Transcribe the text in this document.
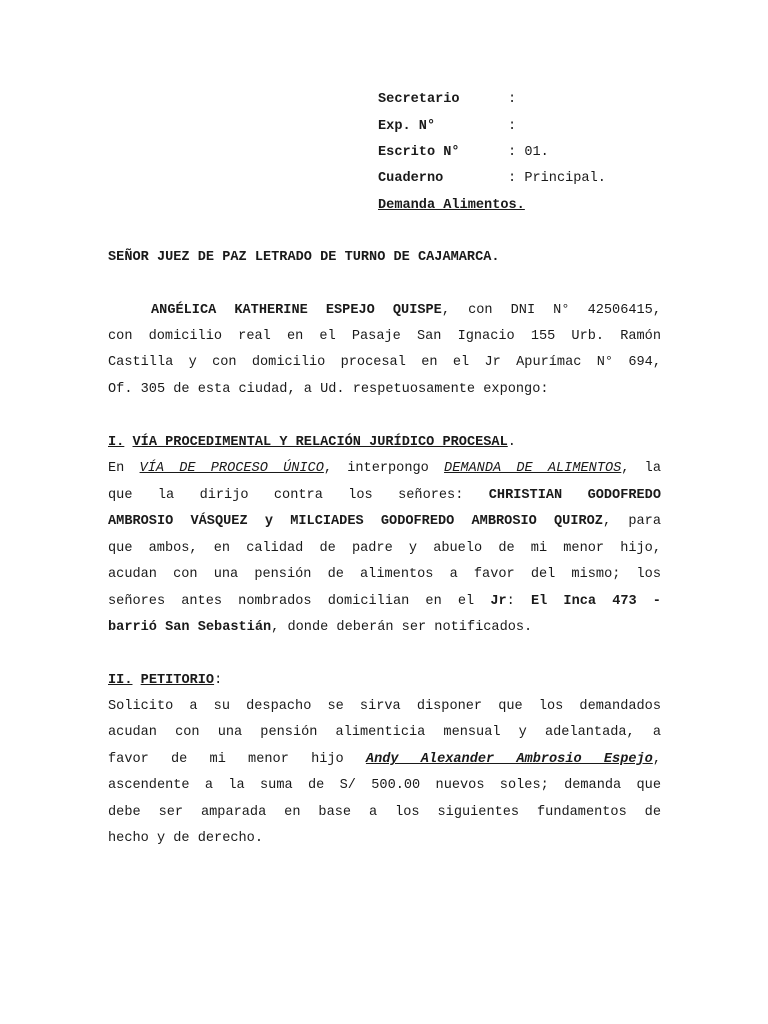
Secretario	:
Exp. N°	:
Escrito N°	: 01.
Cuaderno	: Principal.
Demanda Alimentos.
SEÑOR JUEZ DE PAZ LETRADO DE TURNO DE CAJAMARCA.
ANGÉLICA KATHERINE ESPEJO QUISPE, con DNI N° 42506415,
con domicilio real en el Pasaje San Ignacio 155 Urb. Ramón
Castilla y con domicilio procesal en el Jr Apurímac N° 694,
Of. 305 de esta ciudad, a Ud. respetuosamente expongo:
I. VÍA PROCEDIMENTAL Y RELACIÓN JURÍDICO PROCESAL.
En VÍA DE PROCESO ÚNICO, interpongo DEMANDA DE ALIMENTOS, la
que la dirijo contra los señores: CHRISTIAN GODOFREDO
AMBROSIO VÁSQUEZ y MILCIADES GODOFREDO AMBROSIO QUIROZ, para
que ambos, en calidad de padre y abuelo de mi menor hijo,
acudan con una pensión de alimentos a favor del mismo; los
señores antes nombrados domicilian en el Jr: El Inca 473 -
barrió San Sebastián, donde deberán ser notificados.
II. PETITORIO:
Solicito a su despacho se sirva disponer que los demandados
acudan con una pensión alimenticia mensual y adelantada, a
favor de mi menor hijo Andy Alexander Ambrosio Espejo,
ascendente a la suma de S/ 500.00 nuevos soles; demanda que
debe ser amparada en base a los siguientes fundamentos de
hecho y de derecho.
